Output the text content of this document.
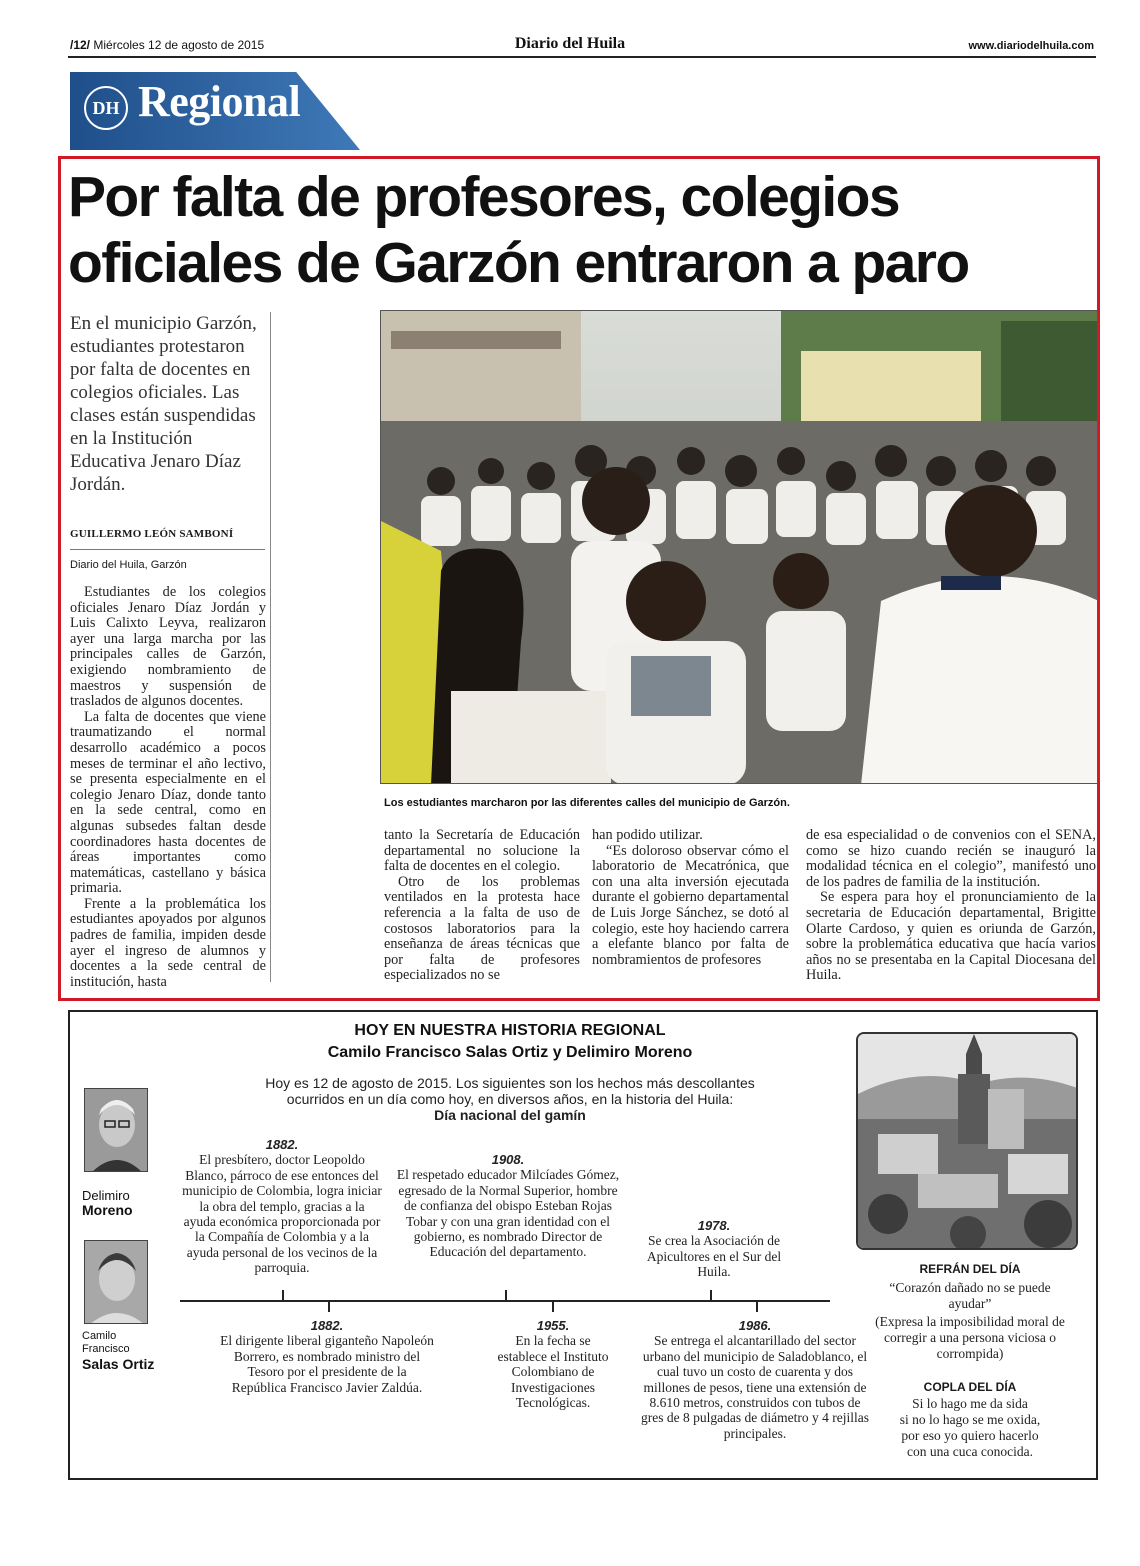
/12/ Miércoles 12 de agosto de 2015	Diario del Huila	www.diariodelhuila.com
DH Regional
Por falta de profesores, colegios oficiales de Garzón entraron a paro
En el municipio Garzón, estudiantes protestaron por falta de docentes en colegios oficiales. Las clases están suspendidas en la Institución Educativa Jenaro Díaz Jordán.
GUILLERMO LEÓN SAMBONÍ
Diario del Huila, Garzón

Estudiantes de los colegios oficiales Jenaro Díaz Jordán y Luis Calixto Leyva, realizaron ayer una larga marcha por las principales calles de Garzón, exigiendo nombramiento de maestros y suspensión de traslados de algunos docentes.

La falta de docentes que viene traumatizando el normal desarrollo académico a pocos meses de terminar el año lectivo, se presenta especialmente en el colegio Jenaro Díaz, donde tanto en la sede central, como en algunas subsedes faltan desde coordinadores hasta docentes de áreas importantes como matemáticas, castellano y básica primaria.

Frente a la problemática los estudiantes apoyados por algunos padres de familia, impiden desde ayer el ingreso de alumnos y docentes a la sede central de institución, hasta

Los estudiantes marcharon por las diferentes calles del municipio de Garzón.

tanto la Secretaría de Educación departamental no solucione la falta de docentes en el colegio.

Otro de los problemas ventilados en la protesta hace referencia a la falta de uso de costosos laboratorios para la enseñanza de áreas técnicas que por falta de profesores especializados no se

han podido utilizar.

“Es doloroso observar cómo el laboratorio de Mecatrónica, que con una alta inversión ejecutada durante el gobierno departamental de Luis Jorge Sánchez, se dotó al colegio, este hoy haciendo carrera a elefante blanco por falta de nombramientos de profesores

de esa especialidad o de convenios con el SENA, como se hizo cuando recién se inauguró la modalidad técnica en el colegio”, manifestó uno de los padres de familia de la institución.

Se espera para hoy el pronunciamiento de la secretaria de Educación departamental, Brigitte Olarte Cardoso, y quien es oriunda de Garzón, sobre la problemática educativa que hacía varios años no se presentaba en la Capital Diocesana del Huila.

HOY EN NUESTRA HISTORIA REGIONAL
Camilo Francisco Salas Ortiz y Delimiro Moreno
Hoy es 12 de agosto de 2015. Los siguientes son los hechos más descollantes ocurridos en un día como hoy, en diversos años, en la historia del Huila:
Día nacional del gamín
Delimiro
Moreno
Camilo Francisco
Salas Ortiz
1882.
El presbítero, doctor Leopoldo Blanco, párroco de ese entonces del municipio de Colombia, logra iniciar la obra del templo, gracias a la ayuda económica proporcionada por la Compañía de Colombia y a la ayuda personal de los vecinos de la parroquia.
1908.
El respetado educador Milcíades Gómez, egresado de la Normal Superior, hombre de confianza del obispo Esteban Rojas Tobar y con una gran identidad con el gobierno, es nombrado Director de Educación del departamento.
1978.
Se crea la Asociación de Apicultores en el Sur del Huila.
1882.
El dirigente liberal giganteño Napoleón Borrero, es nombrado ministro del Tesoro por el presidente de la República Francisco Javier Zaldúa.
1955.
En la fecha se establece el Instituto Colombiano de Investigaciones Tecnológicas.
1986.
Se entrega el alcantarillado del sector urbano del municipio de Saladoblanco, el cual tuvo un costo de cuarenta y dos millones de pesos, tiene una extensión de 8.610 metros, construidos con tubos de gres de 8 pulgadas de diámetro y 4 rejillas principales.
REFRÁN DEL DÍA
“Corazón dañado no se puede ayudar”
(Expresa la imposibilidad moral de corregir a una persona viciosa o corrompida)
COPLA DEL DÍA
Si lo hago me da sida
si no lo hago se me oxida,
por eso yo quiero hacerlo
con una cuca conocida.
